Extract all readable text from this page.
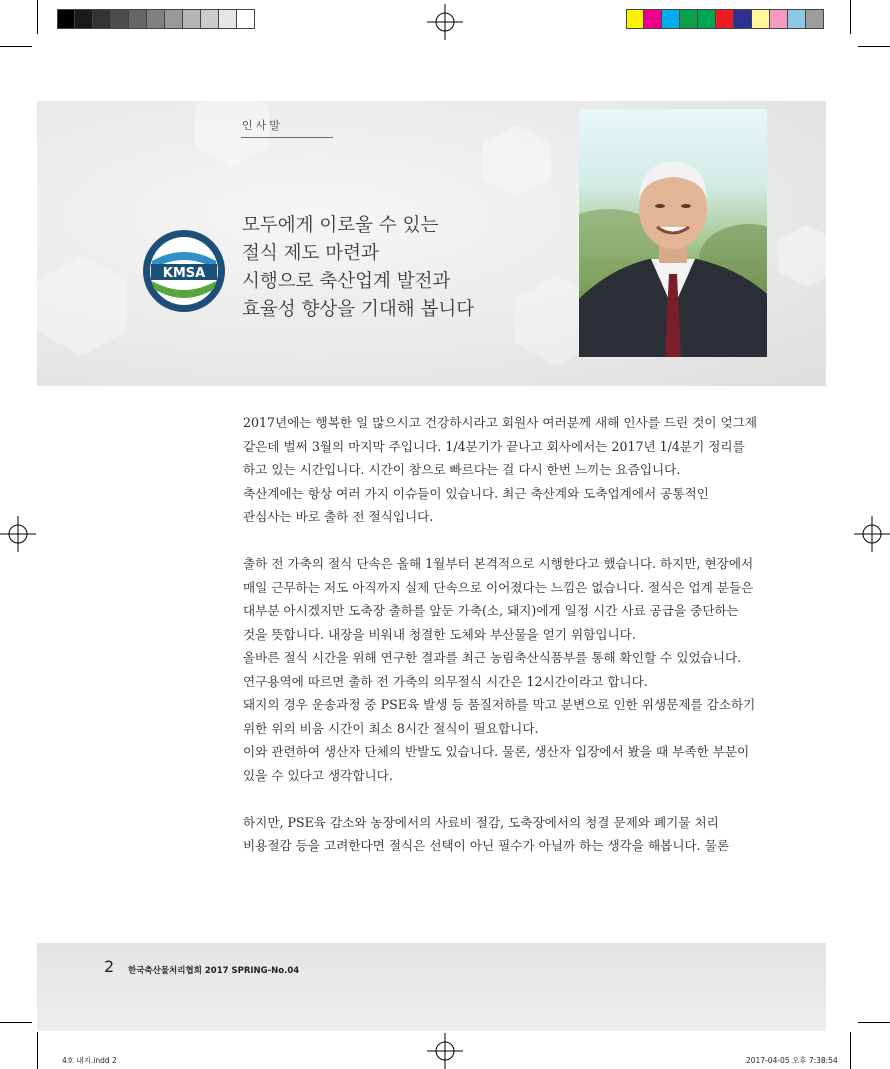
인사말
모두에게 이로울 수 있는
절식 제도 마련과
시행으로 축산업계 발전과
효율성 향상을 기대해 봅니다
KMSA
SINCE 1993
2017년에는 행복한 일 많으시고 건강하시라고 회원사 여러분께 새해 인사를 드린 것이 엊그제
같은데 벌써 3월의 마지막 주입니다. 1/4분기가 끝나고 회사에서는 2017년 1/4분기 정리를
하고 있는 시간입니다. 시간이 참으로 빠르다는 걸 다시 한번 느끼는 요즘입니다.
축산계에는 항상 여러 가지 이슈들이 있습니다. 최근 축산계와 도축업계에서 공통적인
관심사는 바로 출하 전 절식입니다.
출하 전 가축의 절식 단속은 올해 1월부터 본격적으로 시행한다고 했습니다. 하지만, 현장에서
매일 근무하는 저도 아직까지 실제 단속으로 이어졌다는 느낌은 없습니다. 절식은 업계 분들은
대부분 아시겠지만 도축장 출하를 앞둔 가축(소, 돼지)에게 일정 시간 사료 공급을 중단하는
것을 뜻합니다. 내장을 비워내 청결한 도체와 부산물을 얻기 위함입니다.
올바른 절식 시간을 위해 연구한 결과를 최근 농림축산식품부를 통해 확인할 수 있었습니다.
연구용역에 따르면 출하 전 가축의 의무절식 시간은 12시간이라고 합니다.
돼지의 경우 운송과정 중 PSE육 발생 등 품질저하를 막고 분변으로 인한 위생문제를 감소하기
위한 위의 비움 시간이 최소 8시간 절식이 필요합니다.
이와 관련하여 생산자 단체의 반발도 있습니다. 물론, 생산자 입장에서 봤을 때 부족한 부분이
있을 수 있다고 생각합니다.
하지만, PSE육 감소와 농장에서의 사료비 절감, 도축장에서의 청결 문제와 폐기물 처리
비용절감 등을 고려한다면 절식은 선택이 아닌 필수가 아닐까 하는 생각을 해봅니다. 물론
2 한국축산물처리협회 2017 SPRING-No.04
4호 내지.indd 2	2017-04-05 오후 7:38:54
